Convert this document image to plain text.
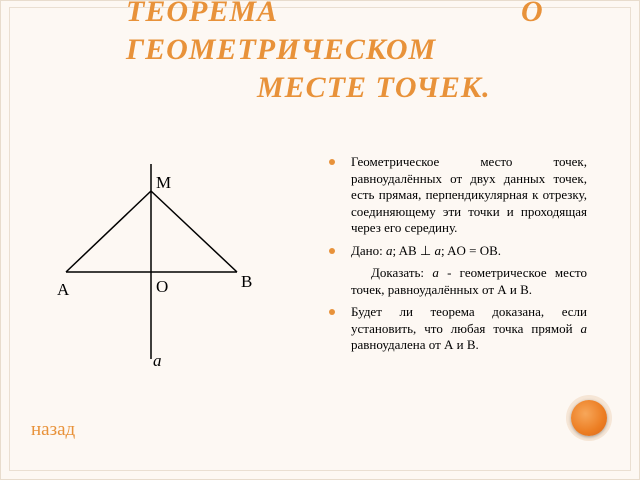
ТЕОРЕМА	О
ГЕОМЕТРИЧЕСКОМ
МЕСТЕ ТОЧЕК.
M
O
A	B
a
Геометрическое место точек, равноудалённых от двух данных точек, есть прямая, перпендикулярная к отрезку, соединяющему эти точки и проходящая через его середину.
Дано: a; AB ⊥ a; AO = OB.
Доказать: a - геометрическое место точек, равноудалённых от А и В.
Будет ли теорема доказана, если установить, что любая точка прямой a равноудалена от А и В.
назад
